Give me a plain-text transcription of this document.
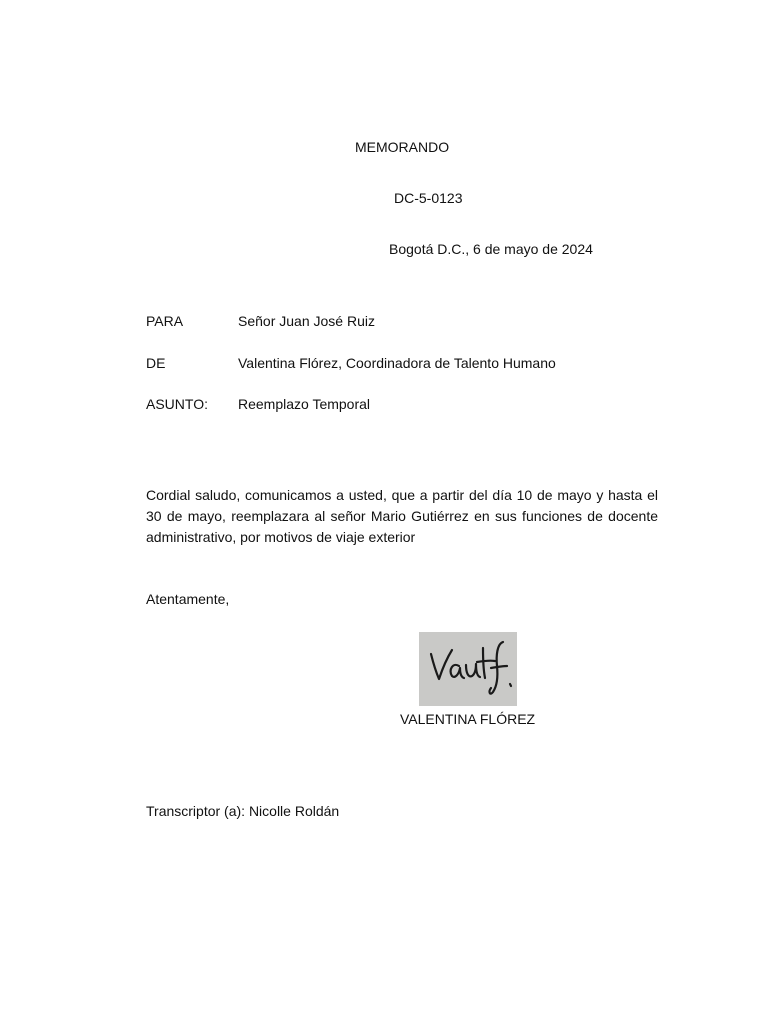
MEMORANDO
DC-5-0123
Bogotá D.C., 6 de mayo de 2024
PARA	Señor Juan José Ruiz
DE	Valentina Flórez, Coordinadora de Talento Humano
ASUNTO: Reemplazo Temporal
Cordial saludo, comunicamos a usted, que a partir del día 10 de mayo y hasta el 30 de mayo, reemplazara al señor Mario Gutiérrez en sus funciones de docente administrativo, por motivos de viaje exterior
Atentamente,
VALENTINA FLÓREZ
Transcriptor (a): Nicolle Roldán
